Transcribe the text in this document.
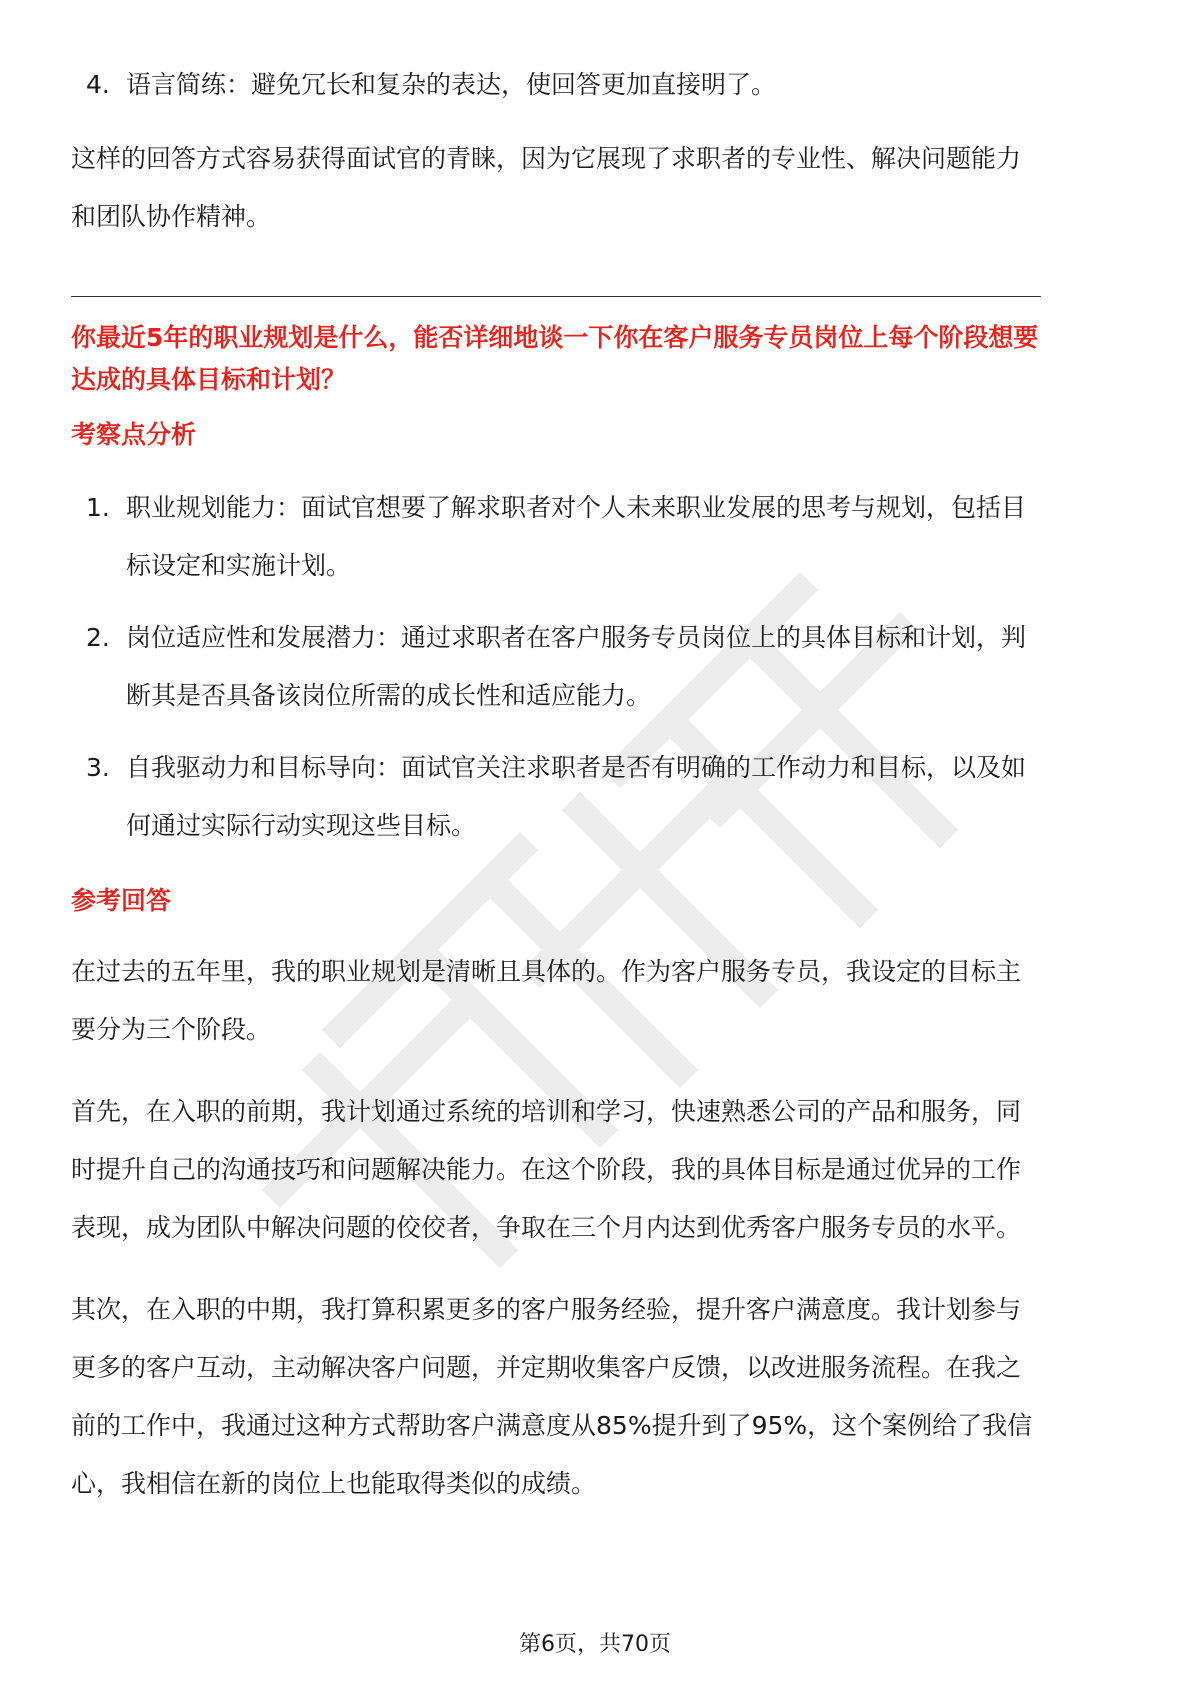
4. 语言简练：避免冗长和复杂的表达，使回答更加直接明了。

这样的回答方式容易获得面试官的青睐，因为它展现了求职者的专业性、解决问题能力和团队协作精神。

你最近5年的职业规划是什么，能否详细地谈一下你在客户服务专员岗位上每个阶段想要达成的具体目标和计划？

考察点分析

1. 职业规划能力：面试官想要了解求职者对个人未来职业发展的思考与规划，包括目标设定和实施计划。
2. 岗位适应性和发展潜力：通过求职者在客户服务专员岗位上的具体目标和计划，判断其是否具备该岗位所需的成长性和适应能力。
3. 自我驱动力和目标导向：面试官关注求职者是否有明确的工作动力和目标，以及如何通过实际行动实现这些目标。

参考回答

在过去的五年里，我的职业规划是清晰且具体的。作为客户服务专员，我设定的目标主要分为三个阶段。

首先，在入职的前期，我计划通过系统的培训和学习，快速熟悉公司的产品和服务，同时提升自己的沟通技巧和问题解决能力。在这个阶段，我的具体目标是通过优异的工作表现，成为团队中解决问题的佼佼者，争取在三个月内达到优秀客户服务专员的水平。

其次，在入职的中期，我打算积累更多的客户服务经验，提升客户满意度。我计划参与更多的客户互动，主动解决客户问题，并定期收集客户反馈，以改进服务流程。在我之前的工作中，我通过这种方式帮助客户满意度从85%提升到了95%，这个案例给了我信心，我相信在新的岗位上也能取得类似的成绩。

第6页，共70页
